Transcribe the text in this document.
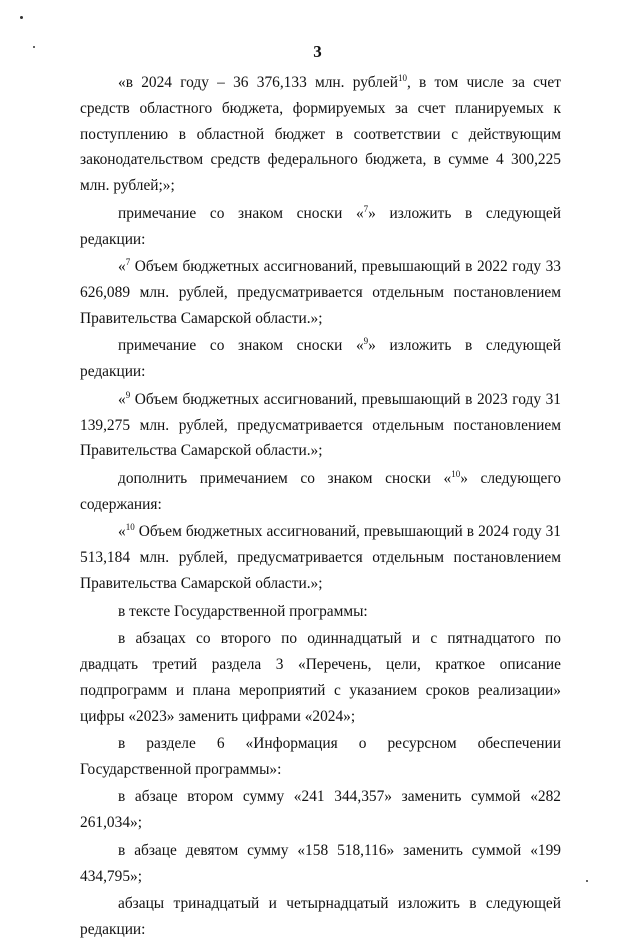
3

«в 2024 году – 36 376,133 млн. рублей$^{10}$, в том числе за счет средств областного бюджета, формируемых за счет планируемых к поступлению в областной бюджет в соответствии с действующим законодательством средств федерального бюджета, в сумме 4 300,225 млн. рублей;»;

примечание со знаком сноски «$^7$» изложить в следующей редакции:

«$^7$ Объем бюджетных ассигнований, превышающий в 2022 году 33 626,089 млн. рублей, предусматривается отдельным постановлением Правительства Самарской области.»;

примечание со знаком сноски «$^9$» изложить в следующей редакции:

«$^9$ Объем бюджетных ассигнований, превышающий в 2023 году 31 139,275 млн. рублей, предусматривается отдельным постановлением Правительства Самарской области.»;

дополнить примечанием со знаком сноски «$^{10}$» следующего содержания:

«$^{10}$ Объем бюджетных ассигнований, превышающий в 2024 году 31 513,184 млн. рублей, предусматривается отдельным постановлением Правительства Самарской области.»;

в тексте Государственной программы:

в абзацах со второго по одиннадцатый и с пятнадцатого по двадцать третий раздела 3 «Перечень, цели, краткое описание подпрограмм и плана мероприятий с указанием сроков реализации» цифры «2023» заменить цифрами «2024»;

в разделе 6 «Информация о ресурсном обеспечении Государственной программы»:

в абзаце втором сумму «241 344,357» заменить суммой «282 261,034»;

в абзаце девятом сумму «158 518,116» заменить суммой «199 434,795»;

абзацы тринадцатый и четырнадцатый изложить в следующей редакции:
